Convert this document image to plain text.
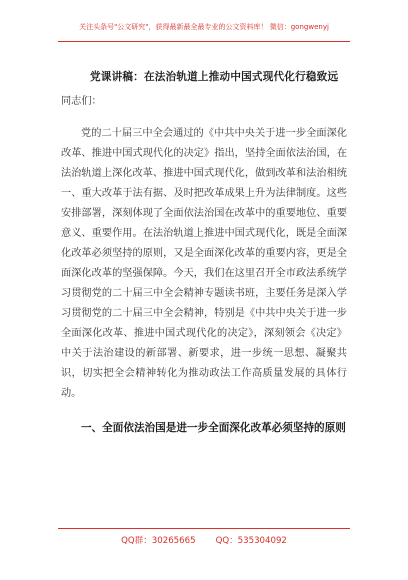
关注头条号"公文研究"，获得最新最全最专业的公文资料库！ 微信：gongwenyj
党课讲稿：在法治轨道上推动中国式现代化行稳致远
同志们：
党的二十届三中全会通过的《中共中央关于进一步全面深化改革、推进中国式现代化的决定》指出，坚持全面依法治国，在法治轨道上深化改革、推进中国式现代化，做到改革和法治相统一、重大改革于法有据、及时把改革成果上升为法律制度。这些安排部署，深刻体现了全面依法治国在改革中的重要地位、重要意义、重要作用。在法治轨道上推进中国式现代化，既是全面深化改革必须坚持的原则，又是全面深化改革的重要内容，更是全面深化改革的坚强保障。今天，我们在这里召开全市政法系统学习贯彻党的二十届三中全会精神专题读书班，主要任务是深入学习贯彻党的二十届三中全会精神，特别是《中共中央关于进一步全面深化改革、推进中国式现代化的决定》，深刻领会《决定》中关于法治建设的新部署、新要求，进一步统一思想、凝聚共识，切实把全会精神转化为推动政法工作高质量发展的具体行动。
一、全面依法治国是进一步全面深化改革必须坚持的原则
QQ群：30265665 QQ：535304092
